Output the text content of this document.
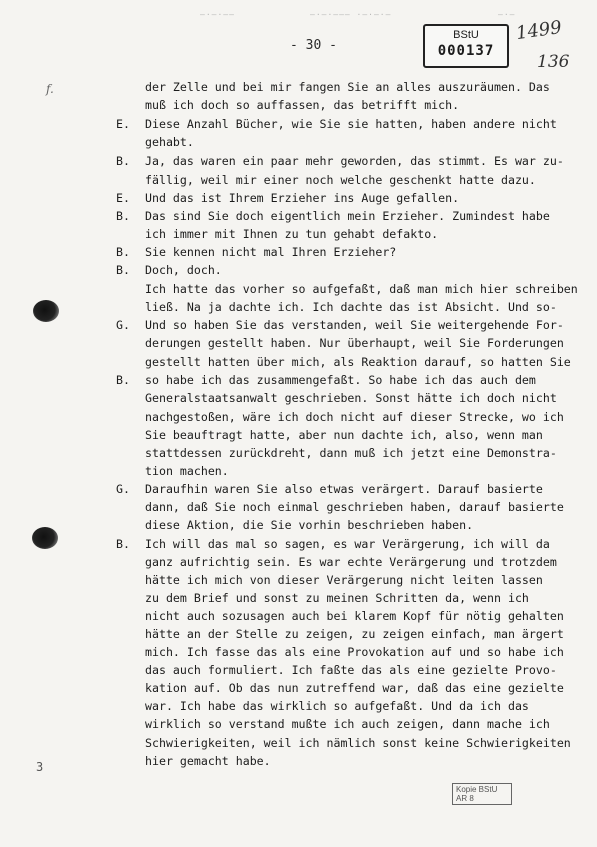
—·—·——	—·—·——— ·—·—·—	—·—
- 30 -
BStU
000137
1499
136
f.
3
Kopie BStU
AR 8
der Zelle und bei mir fangen Sie an alles auszuräumen. Das
muß ich doch so auffassen, das betrifft mich.
E. Diese Anzahl Bücher, wie Sie sie hatten, haben andere nicht
gehabt.
B. Ja, das waren ein paar mehr geworden, das stimmt. Es war zu-
fällig, weil mir einer noch welche geschenkt hatte dazu.
E. Und das ist Ihrem Erzieher ins Auge gefallen.
B. Das sind Sie doch eigentlich mein Erzieher. Zumindest habe
ich immer mit Ihnen zu tun gehabt defakto.
B. Sie kennen nicht mal Ihren Erzieher?
B. Doch, doch.
Ich hatte das vorher so aufgefaßt, daß man mich hier schreiben
ließ. Na ja dachte ich. Ich dachte das ist Absicht. Und so-
G. Und so haben Sie das verstanden, weil Sie weitergehende For-
derungen gestellt haben. Nur überhaupt, weil Sie Forderungen
gestellt hatten über mich, als Reaktion darauf, so hatten Sie
B. so habe ich das zusammengefaßt. So habe ich das auch dem
Generalstaatsanwalt geschrieben. Sonst hätte ich doch nicht
nachgestoßen, wäre ich doch nicht auf dieser Strecke, wo ich
Sie beauftragt hatte, aber nun dachte ich, also, wenn man
stattdessen zurückdreht, dann muß ich jetzt eine Demonstra-
tion machen.
G. Daraufhin waren Sie also etwas verärgert. Darauf basierte
dann, daß Sie noch einmal geschrieben haben, darauf basierte
diese Aktion, die Sie vorhin beschrieben haben.
B. Ich will das mal so sagen, es war Verärgerung, ich will da
ganz aufrichtig sein. Es war echte Verärgerung und trotzdem
hätte ich mich von dieser Verärgerung nicht leiten lassen
zu dem Brief und sonst zu meinen Schritten da, wenn ich
nicht auch sozusagen auch bei klarem Kopf für nötig gehalten
hätte an der Stelle zu zeigen, zu zeigen einfach, man ärgert
mich. Ich fasse das als eine Provokation auf und so habe ich
das auch formuliert. Ich faßte das als eine gezielte Provo-
kation auf. Ob das nun zutreffend war, daß das eine gezielte
war. Ich habe das wirklich so aufgefaßt. Und da ich das
wirklich so verstand mußte ich auch zeigen, dann mache ich
Schwierigkeiten, weil ich nämlich sonst keine Schwierigkeiten
hier gemacht habe.
